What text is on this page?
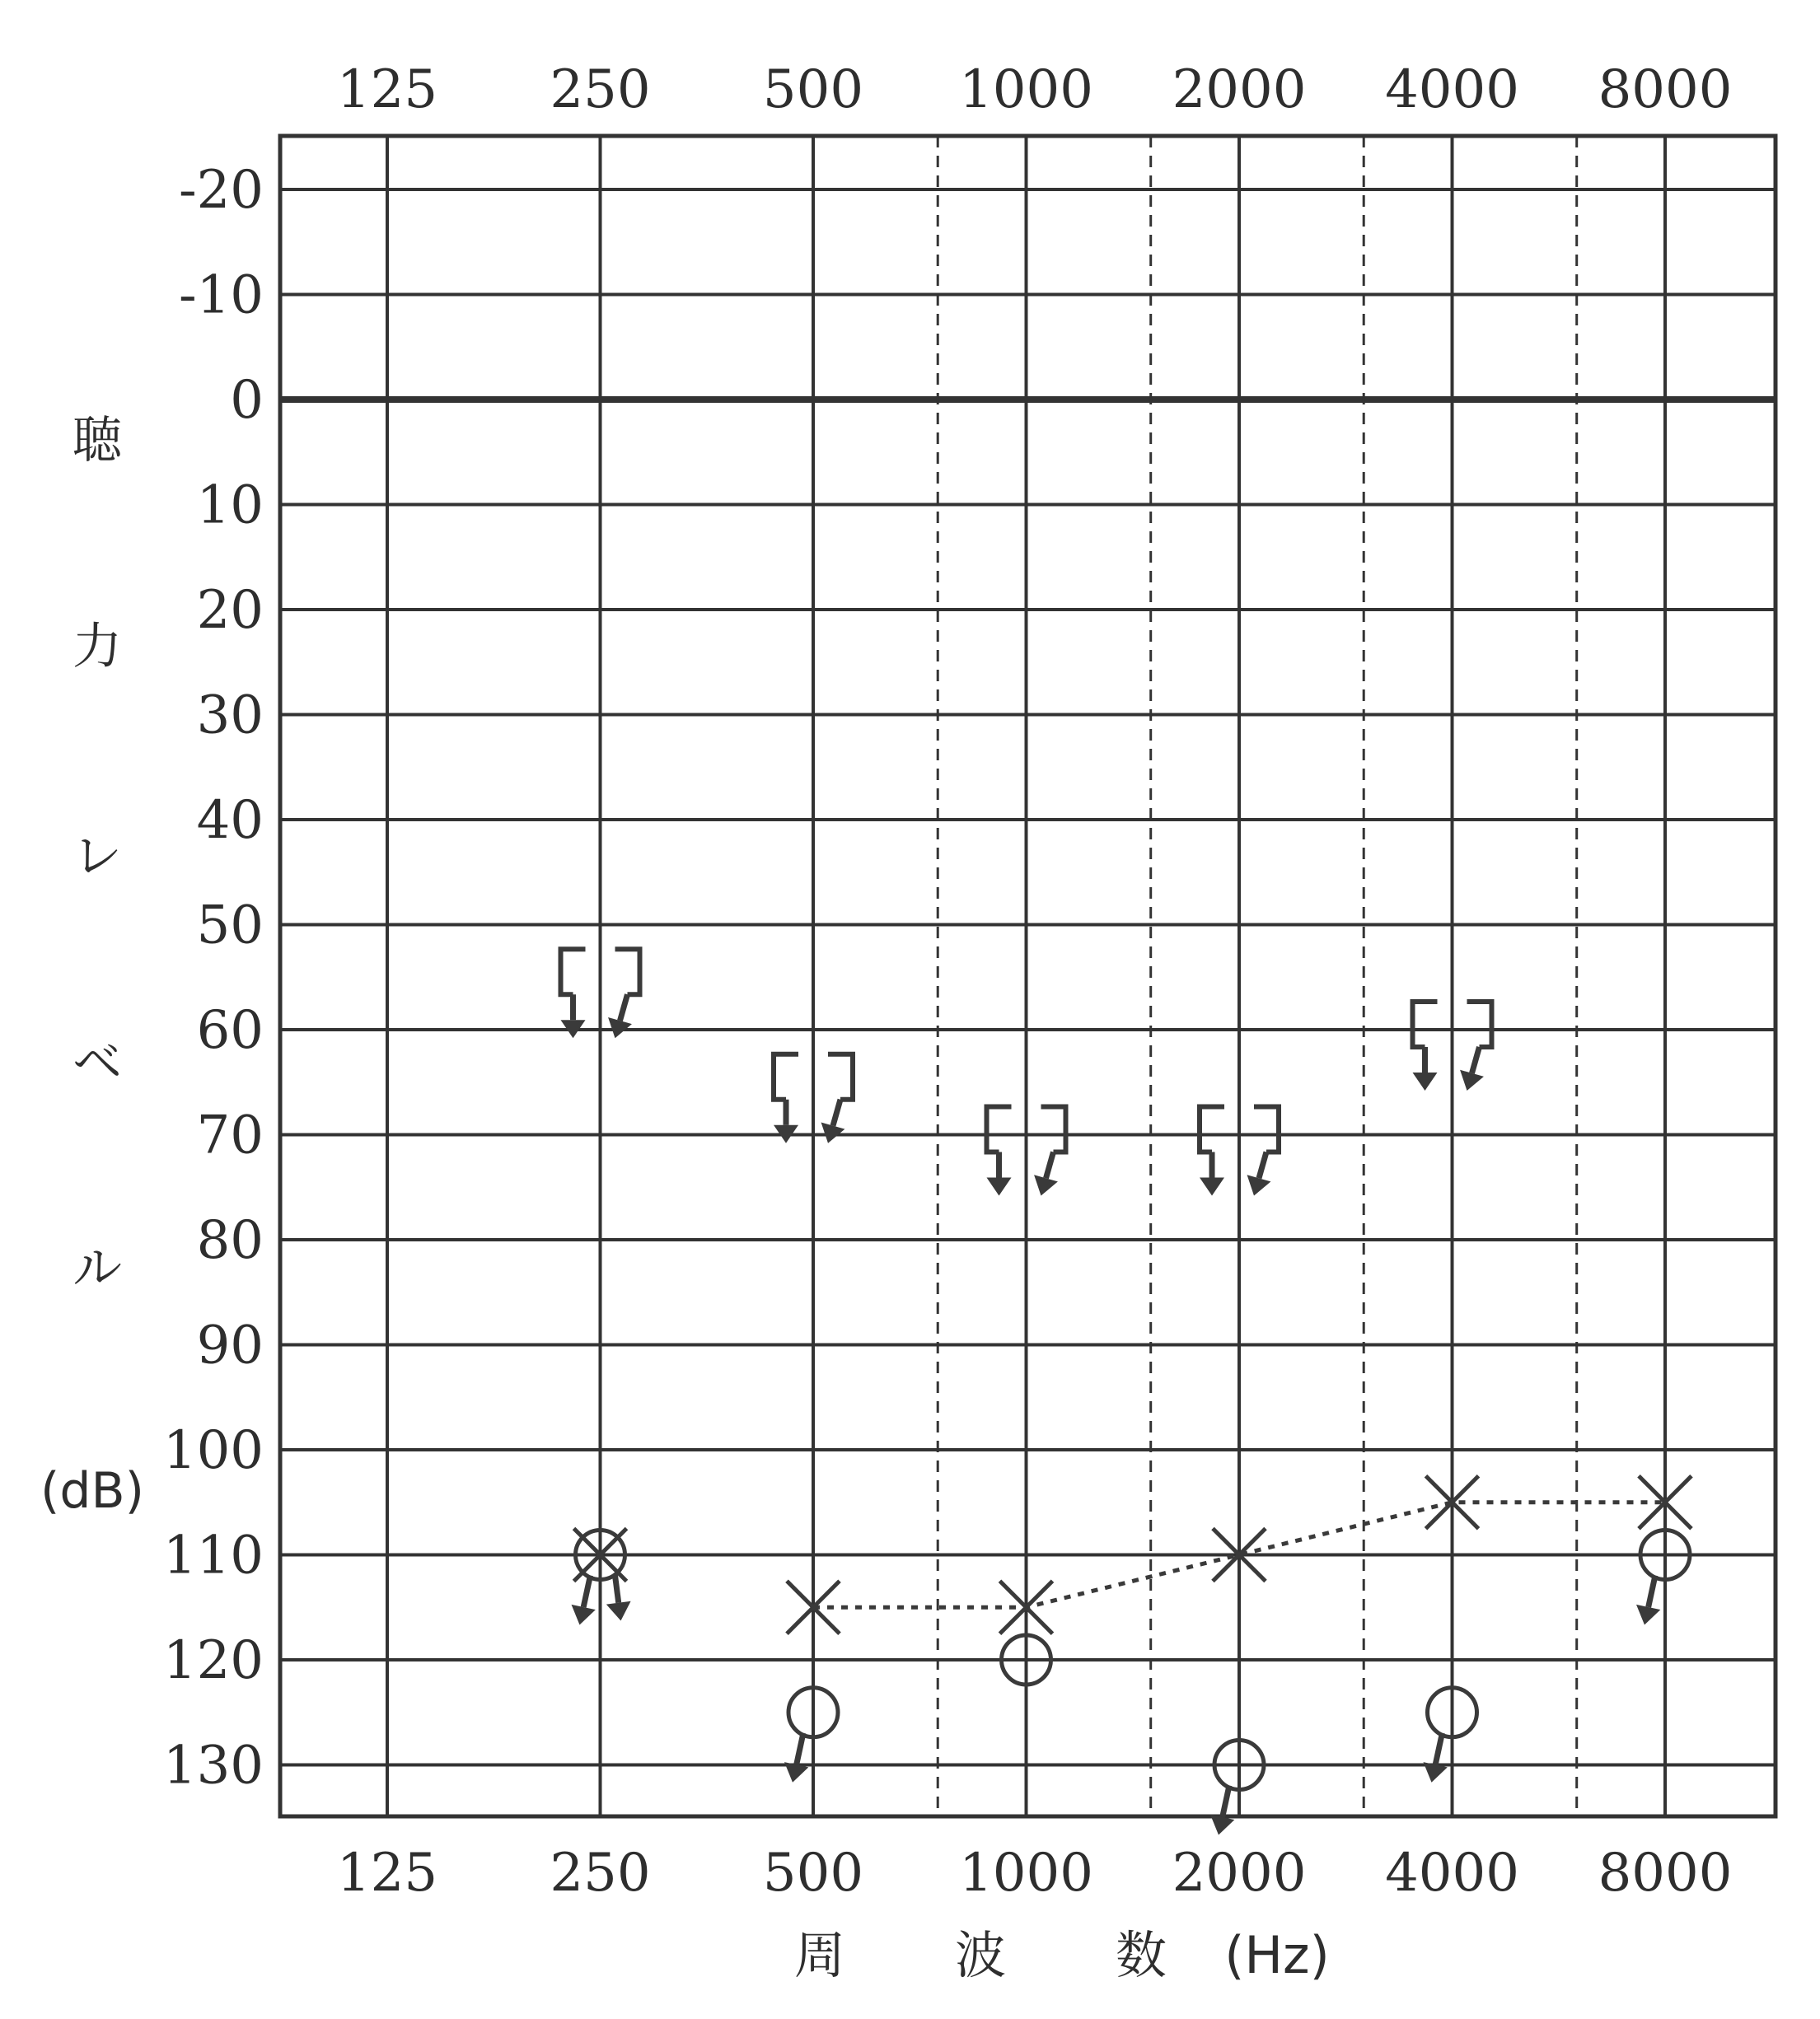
-20
-10
0
10
20
30
40
50
60
70
80
90
100
110
120
130
125
125
250
250
500
500
1000
1000
2000
2000
4000
4000
8000
8000
聴
力
レ
ベ
ル
(dB)
周 波 数 (Hz)
